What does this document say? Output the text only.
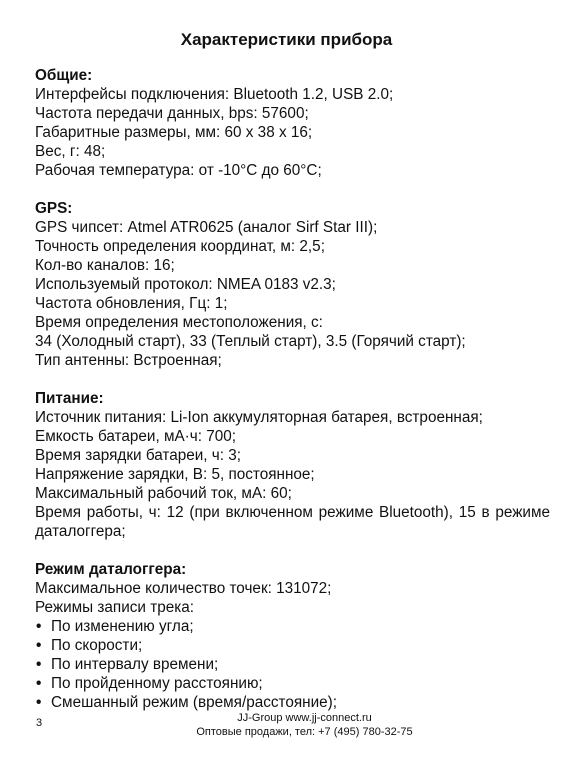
Характеристики прибора
Общие:
Интерфейсы подключения: Bluetooth 1.2, USB 2.0;
Частота передачи данных, bps: 57600;
Габаритные размеры, мм: 60 х 38 х 16;
Вес, г: 48;
Рабочая температура: от -10°C до 60°C;
GPS:
GPS чипсет: Atmel ATR0625 (аналог Sirf Star III);
Точность определения координат, м: 2,5;
Кол-во каналов: 16;
Используемый протокол: NMEA 0183 v2.3;
Частота обновления, Гц: 1;
Время определения местоположения, с:
34 (Холодный старт), 33 (Теплый старт), 3.5 (Горячий старт);
Тип антенны: Встроенная;
Питание:
Источник питания: Li-Ion аккумуляторная батарея, встроенная;
Емкость батареи, мА·ч: 700;
Время зарядки батареи, ч: 3;
Напряжение зарядки, В: 5, постоянное;
Максимальный рабочий ток, мА: 60;
Время работы, ч: 12 (при включенном режиме Bluetooth), 15 в режиме даталоггера;
Режим даталоггера:
Максимальное количество точек: 131072;
Режимы записи трека:
• По изменению угла;
• По скорости;
• По интервалу времени;
• По пройденному расстоянию;
• Смешанный режим (время/расстояние);
3	JJ-Group www.jj-connect.ru
Оптовые продажи, тел: +7 (495) 780-32-75
